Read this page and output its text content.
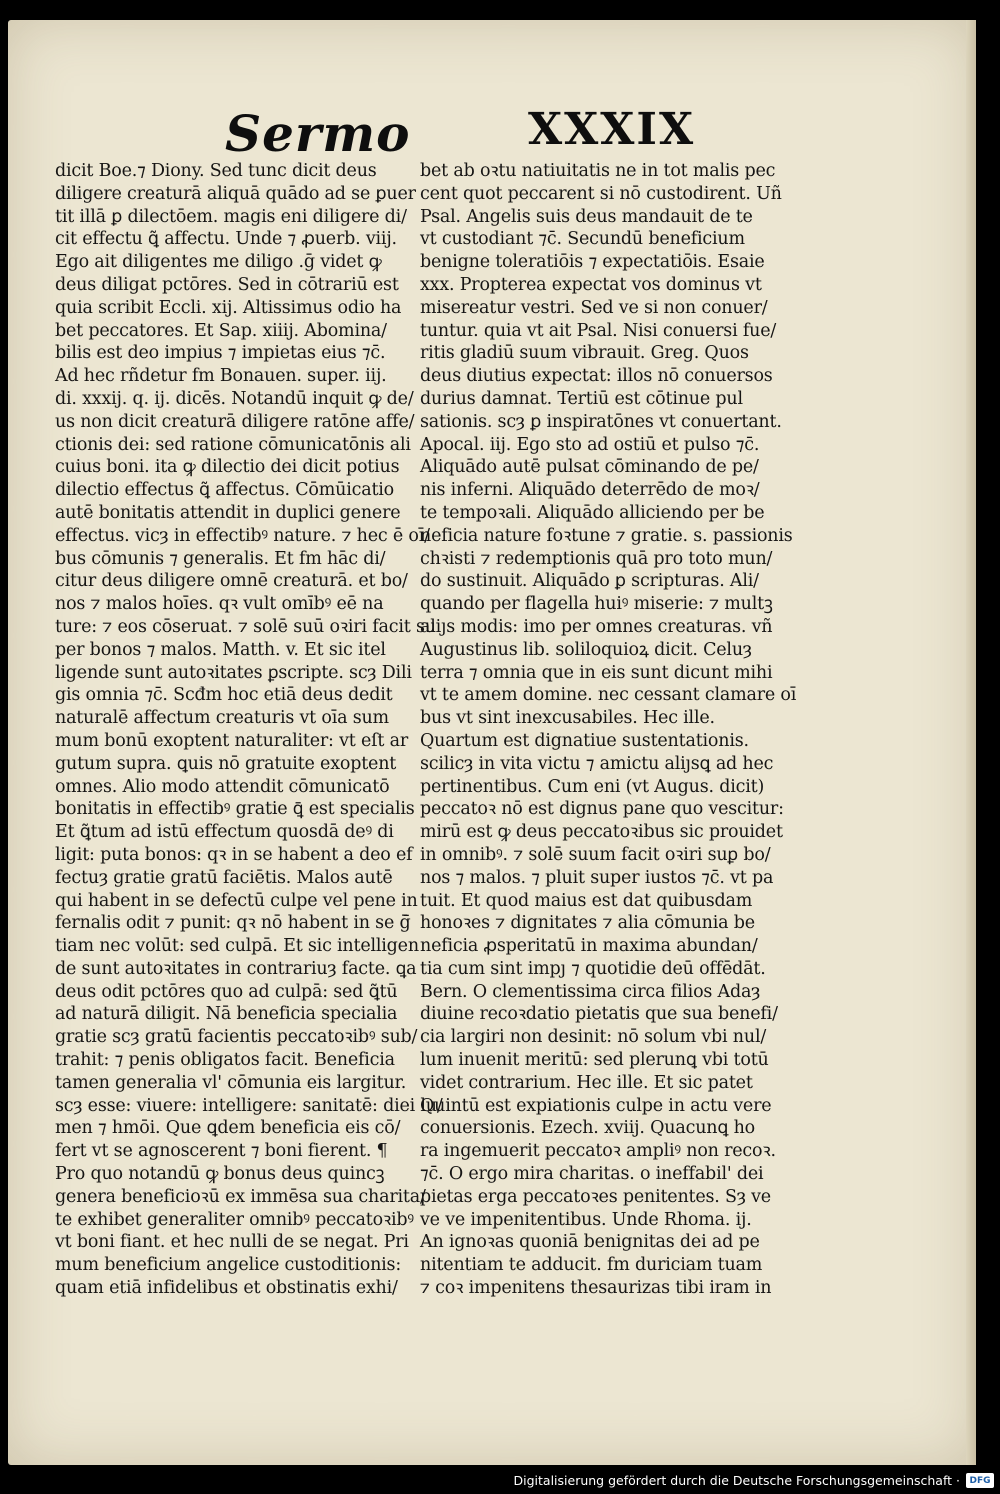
Sermo	XXXIX
dicit Boe.⁊ Diony. Sed tunc dicit deus
diligere creaturā aliquā quādo ad se ꝑuer
tit illā ꝑ dilectōem. magis eni diligere di/
cit effectu ꝗ̃ affectu. Unde ⁊ ꝓuerb. viij.
Ego ait diligentes me diligo .ḡ videt ꝙ
deus diligat pctōres. Sed in cōtrariū est
quia scribit Eccli. xij. Altissimus odio ha
bet peccatores. Et Sap. xiiij. Abomina/
bilis est deo impius ⁊ impietas eius ⁊c̄.
Ad hec rñdetur fm Bonauen. super. iij.
di. xxxij. q. ij. dicēs. Notandū inquit ꝙ de/
us non dicit creaturā diligere ratōne affe/
ctionis dei: sed ratione cōmunicatōnis ali
cuius boni. ita ꝙ dilectio dei dicit potius
dilectio effectus ꝗ̃ affectus. Cōmūicatio
autē bonitatis attendit in duplici genere
effectus. vicȝ in effectibꝰ nature. ⁊ hec ē oī/
bus cōmunis ⁊ generalis. Et fm hāc di/
citur deus diligere omnē creaturā. et bo/
nos ⁊ malos hoīes. qꝛ vult omībꝰ eē na
ture: ⁊ eos cōseruat. ⁊ solē suū oꝛiri facit su
per bonos ⁊ malos. Matth. v. Et sic itel
ligende sunt autoꝛitates ꝑscripte. scȝ Dili
gis omnia ⁊c̄. Scđm hoc etiā deus dedit
naturalē affectum creaturis vt oīa sum
mum bonū exoptent naturaliter: vt eſt ar
gutum supra. ꝗuis nō gratuite exoptent
omnes. Alio modo attendit cōmunicatō
bonitatis in effectibꝰ gratie ꝗ̄ est specialis
Et ꝗ̃tum ad istū effectum quosdā deꝰ di
ligit: puta bonos: qꝛ in se habent a deo ef
fectuȝ gratie gratū faciētis. Malos autē
qui habent in se defectū culpe vel pene in
fernalis odit ⁊ punit: qꝛ nō habent in se ḡ̄
tiam nec volūt: sed culpā. Et sic intelligen
de sunt autoꝛitates in contrariuȝ facte. ꝗa
deus odit pctōres quo ad culpā: sed ꝗ̃tū
ad naturā diligit. Nā beneficia specialia
gratie scȝ gratū facientis peccatoꝛibꝰ sub/
trahit: ⁊ penis obligatos facit. Beneficia
tamen generalia vl' cōmunia eis largitur.
scȝ esse: viuere: intelligere: sanitatē: diei lu/
men ⁊ hmōi. Que ꝗdem beneficia eis cō/
fert vt se agnoscerent ⁊ boni fierent. ¶
Pro quo notandū ꝙ bonus deus quincꝫ
genera beneficioꝛū ex immēsa sua charita/
te exhibet generaliter omnibꝰ peccatoꝛibꝰ
vt boni fiant. et hec nulli de se negat. Pri
mum beneficium angelice custoditionis:
quam etiā infidelibus et obstinatis exhi/
bet ab oꝛtu natiuitatis ne in tot malis pec
cent quot peccarent si nō custodirent. Uñ
Psal. Angelis suis deus mandauit de te
vt custodiant ⁊c̄. Secundū beneficium
benigne toleratiōis ⁊ expectatiōis. Esaie
xxx. Propterea expectat vos dominus vt
misereatur vestri. Sed ve si non conuer/
tuntur. quia vt ait Psal. Nisi conuersi fue/
ritis gladiū suum vibrauit. Greg. Quos
deus diutius expectat: illos nō conuersos
durius damnat. Tertiū est cōtinue pul
sationis. scȝ ꝑ inspiratōnes vt conuertant.
Apocal. iij. Ego sto ad ostiū et pulso ⁊c̄.
Aliquādo autē pulsat cōminando de pe/
nis inferni. Aliquādo deterrēdo de moꝛ/
te tempoꝛali. Aliquādo alliciendo per be
neficia nature foꝛtune ⁊ gratie. s. passionis
chꝛisti ⁊ redemptionis quā pro toto mun/
do sustinuit. Aliquādo ꝑ scripturas. Ali/
quando per flagella huiꝰ miserie: ⁊ multꝫ
aliȷs modis: imo per omnes creaturas. vñ
Augustinus lib. soliloquioꝝ dicit. Celuȝ
terra ⁊ omnia que in eis sunt dicunt mihi
vt te amem domine. nec cessant clamare oī
bus vt sint inexcusabiles. Hec ille.
Quartum est dignatiue sustentationis.
scilicȝ in vita victu ⁊ amictu aliȷsꝗ ad hec
pertinentibus. Cum eni (vt Augus. dicit)
peccatoꝛ nō est dignus pane quo vescitur:
mirū est ꝙ deus peccatoꝛibus sic prouidet
in omnibꝰ. ⁊ solē suum facit oꝛiri suꝑ bo/
nos ⁊ malos. ⁊ pluit super iustos ⁊c̄. vt pa
tuit. Et quod maius est dat quibusdam
honoꝛes ⁊ dignitates ⁊ alia cōmunia be
neficia ꝓsperitatū in maxima abundan/
tia cum sint impȷ ⁊ quotidie deū offēdāt.
Bern. O clementissima circa filios Adaȝ
diuine recoꝛdatio pietatis que sua benefi/
cia largiri non desinit: nō solum vbi nul/
lum inuenit meritū: sed plerunꝗ vbi totū
videt contrarium. Hec ille. Et sic patet
Quintū est expiationis culpe in actu vere
conuersionis. Ezech. xviij. Quacunꝗ ho
ra ingemuerit peccatoꝛ ampliꝰ non recoꝛ.
⁊c̄. O ergo mira charitas. o ineffabil' dei
pietas erga peccatoꝛes penitentes. Sȝ ve
ve ve impenitentibus. Unde Rhoma. ij.
An ignoꝛas quoniā benignitas dei ad pe
nitentiam te adducit. fm duriciam tuam
⁊ coꝛ impenitens thesaurizas tibi iram in
Digitalisierung gefördert durch die Deutsche Forschungsgemeinschaft ·	DFG
